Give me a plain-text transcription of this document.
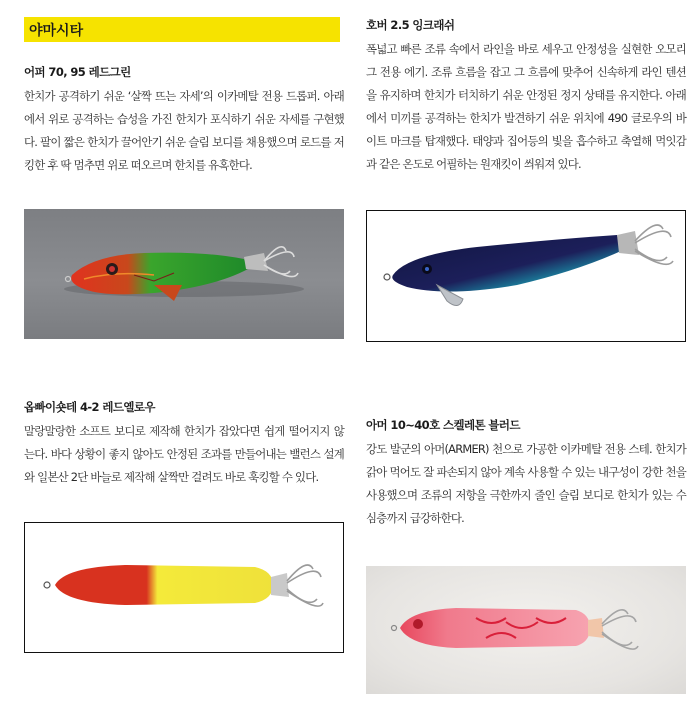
야마시타
어퍼 70, 95 레드그린

한치가 공격하기 쉬운 ‘살짝 뜨는 자세’의 이카메탈 전용 드롭퍼. 아래에서 위로 공격하는 습성을 가진 한치가 포식하기 쉬운 자세를 구현했다. 팔이 짧은 한치가 끌어안기 쉬운 슬림 보디를 채용했으며 로드를 저킹한 후 딱 멈추면 위로 떠오르며 한치를 유혹한다.

호버 2.5 잉크래쉬

폭넓고 빠른 조류 속에서 라인을 바로 세우고 안정성을 실현한 오모리그 전용 에기. 조류 흐름을 잡고 그 흐름에 맞추어 신속하게 라인 텐션을 유지하며 한치가 터치하기 쉬운 안정된 정지 상태를 유지한다. 아래에서 미끼를 공격하는 한치가 발견하기 쉬운 위치에 490 글로우의 바이트 마크를 탑재했다. 태양과 집어등의 빛을 흡수하고 축열해 먹잇감과 같은 온도로 어필하는 원재킷이 씌워져 있다.

옵빠이숏테 4-2 레드옐로우

말랑말랑한 소프트 보디로 제작해 한치가 잡았다면 쉽게 떨어지지 않는다. 바다 상황이 좋지 않아도 안정된 조과를 만들어내는 밸런스 설계와 일본산 2단 바늘로 제작해 살짝만 걸려도 바로 훅킹할 수 있다.

아머 10~40호 스켈레톤 블러드

강도 발군의 아머(ARMER) 천으로 가공한 이카메탈 전용 스테. 한치가 갉아 먹어도 잘 파손되지 않아 계속 사용할 수 있는 내구성이 강한 천을 사용했으며 조류의 저항을 극한까지 줄인 슬림 보디로 한치가 있는 수심층까지 급강하한다.
